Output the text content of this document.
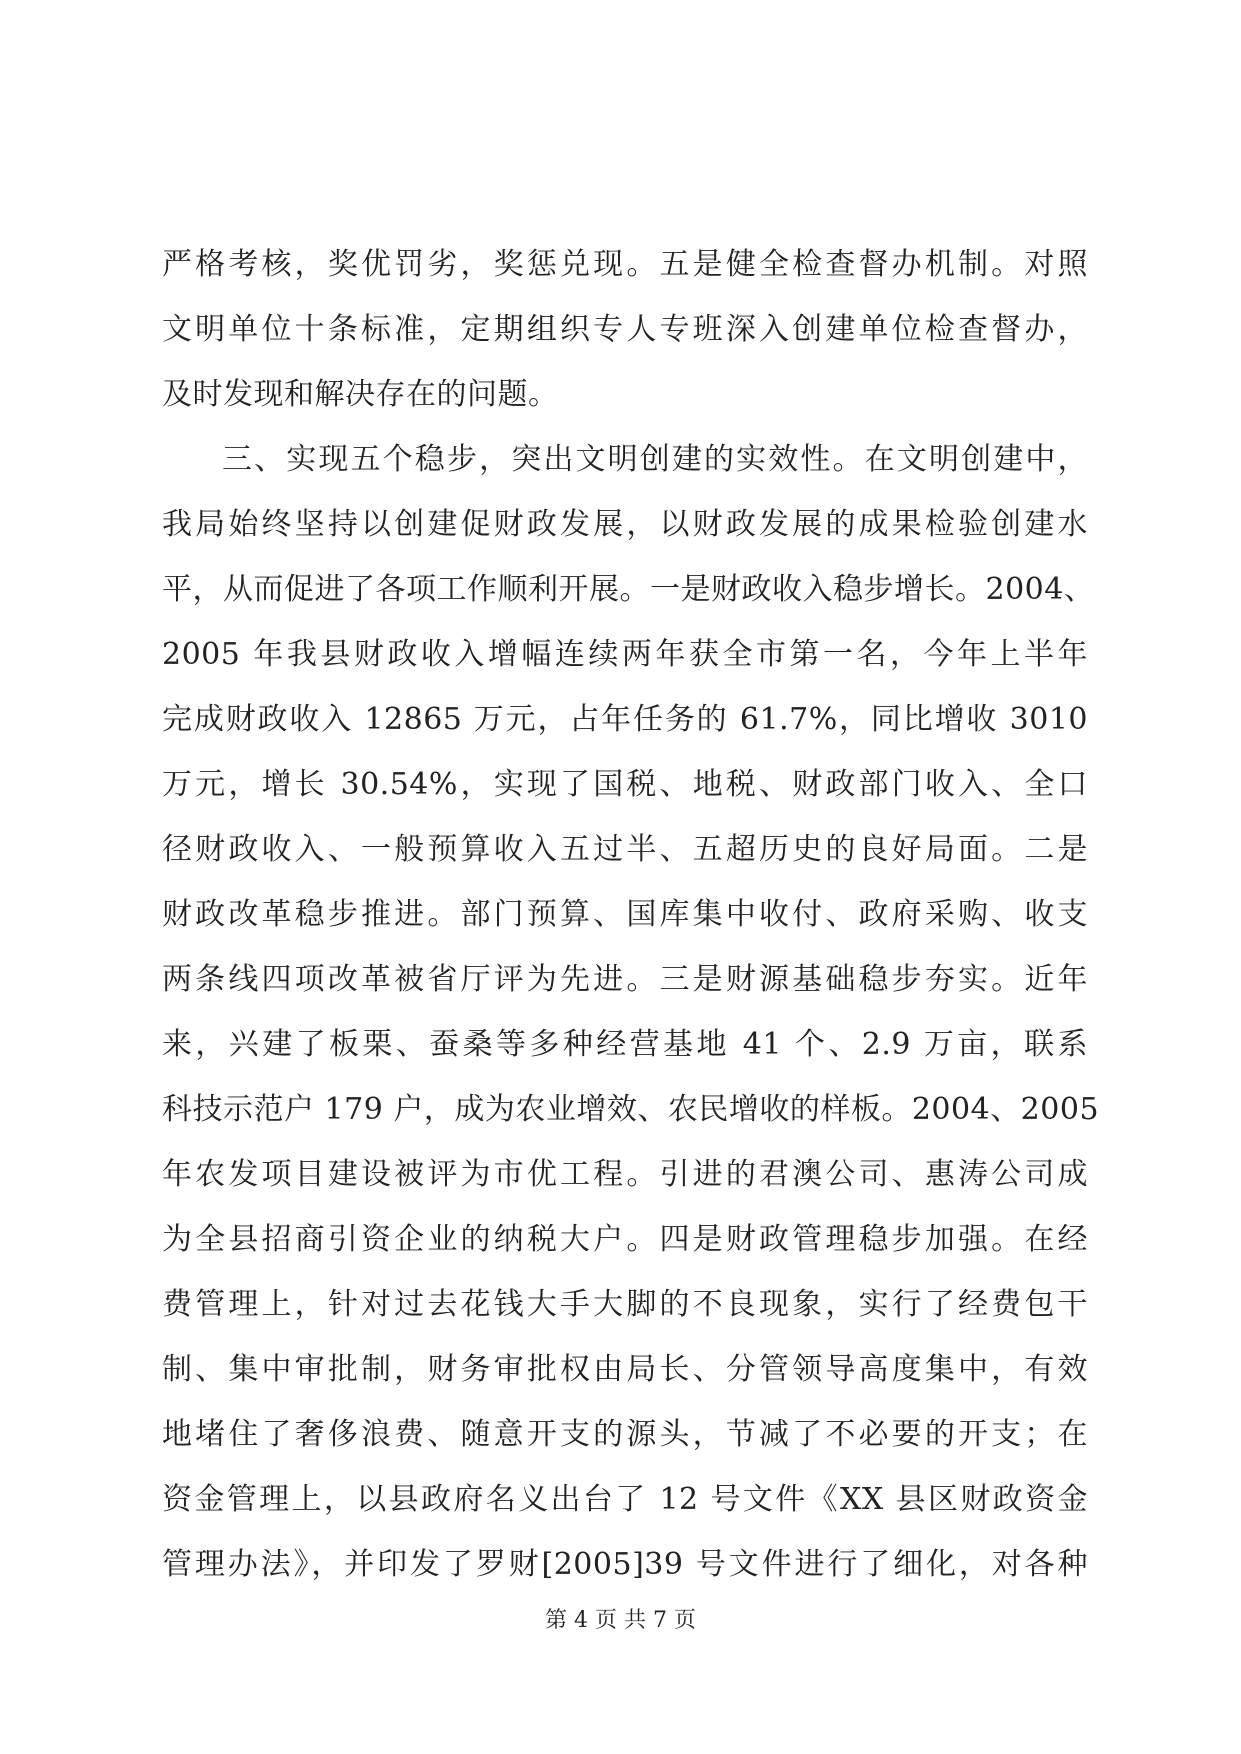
严格考核，奖优罚劣，奖惩兑现。五是健全检查督办机制。对照
文明单位十条标准，定期组织专人专班深入创建单位检查督办，
及时发现和解决存在的问题。
三、实现五个稳步，突出文明创建的实效性。在文明创建中，
我局始终坚持以创建促财政发展，以财政发展的成果检验创建水
平，从而促进了各项工作顺利开展。一是财政收入稳步增长。2004、
2005 年我县财政收入增幅连续两年获全市第一名，今年上半年
完成财政收入 12865 万元，占年任务的 61.7%，同比增收 3010
万元，增长 30.54%，实现了国税、地税、财政部门收入、全口
径财政收入、一般预算收入五过半、五超历史的良好局面。二是
财政改革稳步推进。部门预算、国库集中收付、政府采购、收支
两条线四项改革被省厅评为先进。三是财源基础稳步夯实。近年
来，兴建了板栗、蚕桑等多种经营基地 41 个、2.9 万亩，联系
科技示范户 179 户，成为农业增效、农民增收的样板。2004、2005
年农发项目建设被评为市优工程。引进的君澳公司、惠涛公司成
为全县招商引资企业的纳税大户。四是财政管理稳步加强。在经
费管理上，针对过去花钱大手大脚的不良现象，实行了经费包干
制、集中审批制，财务审批权由局长、分管领导高度集中，有效
地堵住了奢侈浪费、随意开支的源头，节减了不必要的开支；在
资金管理上，以县政府名义出台了 12 号文件《XX 县区财政资金
管理办法》，并印发了罗财[2005]39 号文件进行了细化，对各种
第 4 页 共 7 页
